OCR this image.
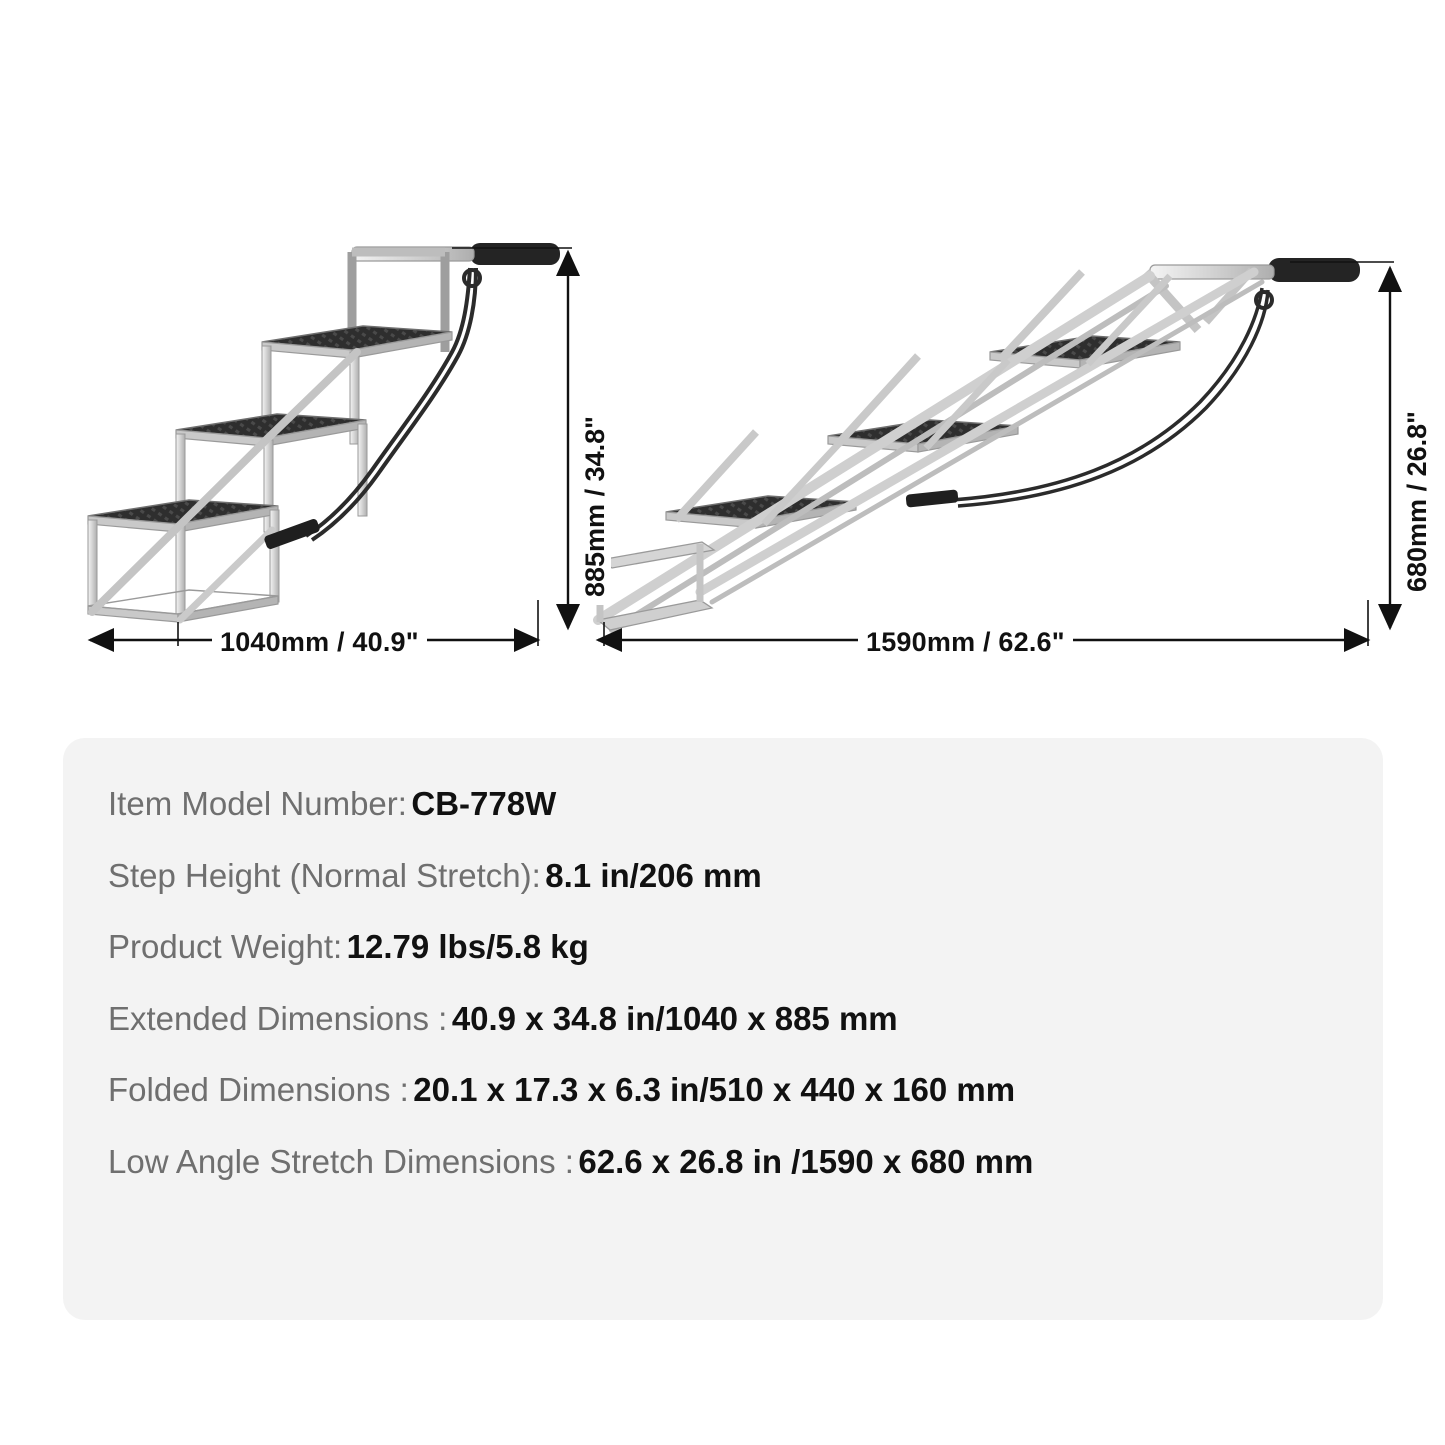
1040mm / 40.9"
885mm / 34.8"
1590mm / 62.6"
680mm / 26.8"
Item Model Number: CB-778W
Step Height (Normal Stretch): 8.1 in/206 mm
Product Weight: 12.79 lbs/5.8 kg
Extended Dimensions : 40.9 x 34.8 in/1040 x 885 mm
Folded Dimensions : 20.1 x 17.3 x 6.3 in/510 x 440 x 160 mm
Low Angle Stretch Dimensions : 62.6 x 26.8 in /1590 x 680 mm
